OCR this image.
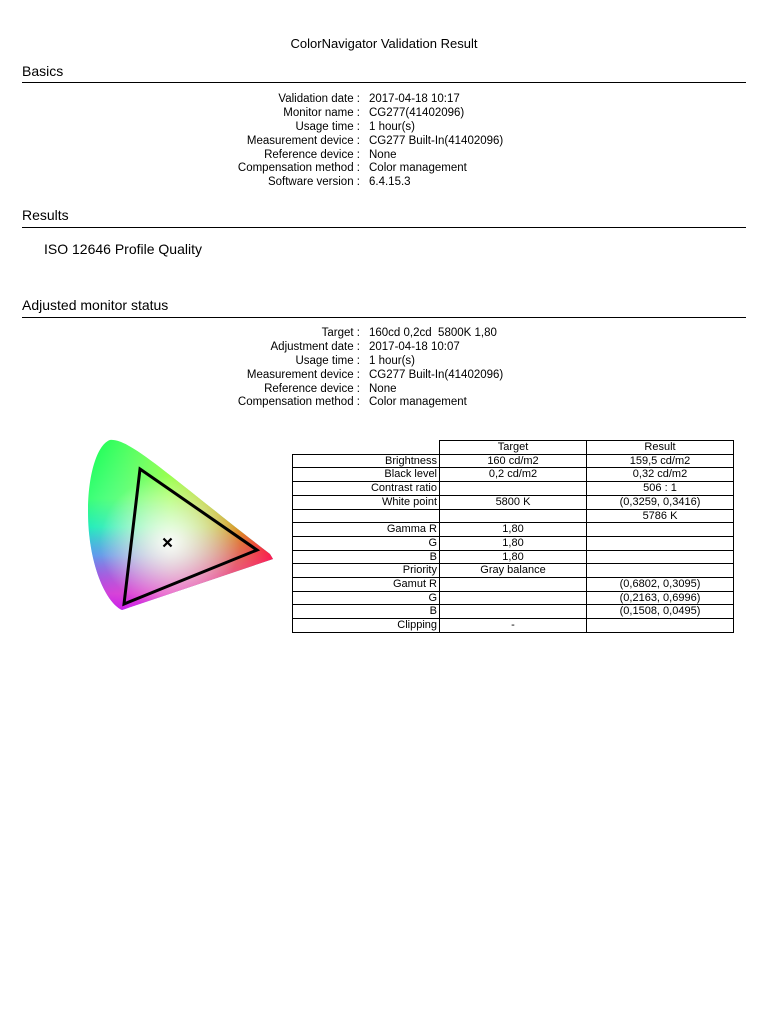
ColorNavigator Validation Result
Basics
Validation date : 2017-04-18 10:17
Monitor name : CG277(41402096)
Usage time : 1 hour(s)
Measurement device : CG277 Built-In(41402096)
Reference device : None
Compensation method : Color management
Software version : 6.4.15.3
Results
ISO 12646 Profile Quality
Adjusted monitor status
Target : 160cd 0,2cd  5800K 1,80
Adjustment date : 2017-04-18 10:07
Usage time : 1 hour(s)
Measurement device : CG277 Built-In(41402096)
Reference device : None
Compensation method : Color management
	Target	Result
Brightness	160 cd/m2	159,5 cd/m2
Black level	0,2 cd/m2	0,32 cd/m2
Contrast ratio		506 : 1
White point	5800 K	(0,3259, 0,3416)
		5786 K
Gamma R	1,80	
G	1,80	
B	1,80	
Priority	Gray balance	
Gamut R		(0,6802, 0,3095)
G		(0,2163, 0,6996)
B		(0,1508, 0,0495)
Clipping	-	
